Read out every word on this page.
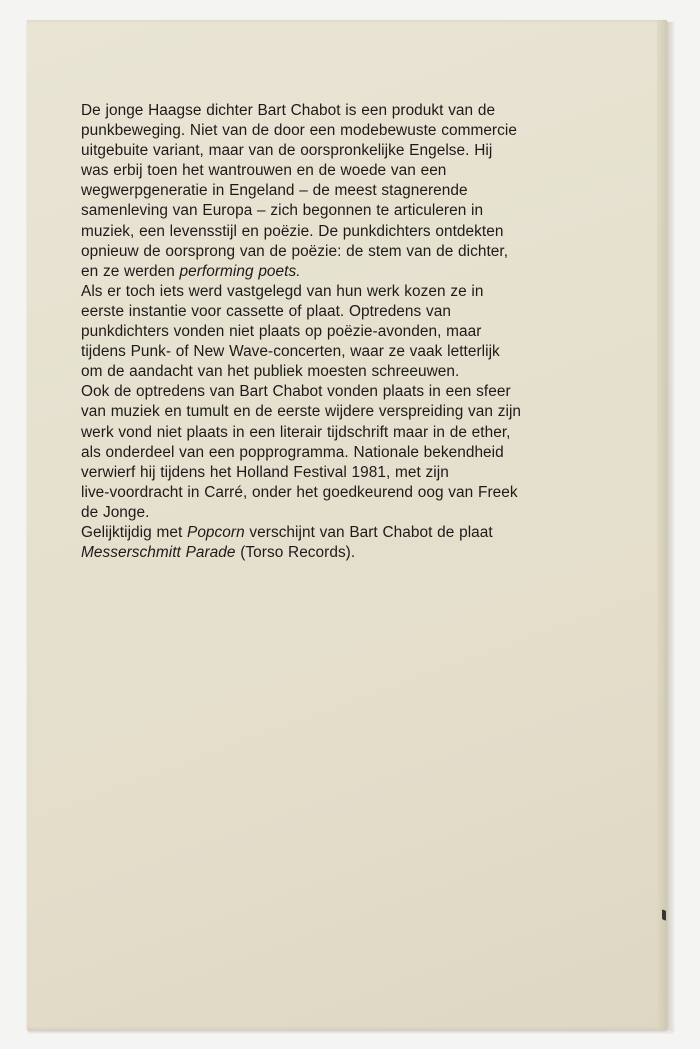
De jonge Haagse dichter Bart Chabot is een produkt van de
punkbeweging. Niet van de door een modebewuste commercie
uitgebuite variant, maar van de oorspronkelijke Engelse. Hij
was erbij toen het wantrouwen en de woede van een
wegwerpgeneratie in Engeland – de meest stagnerende
samenleving van Europa – zich begonnen te articuleren in
muziek, een levensstijl en poëzie. De punkdichters ontdekten
opnieuw de oorsprong van de poëzie: de stem van de dichter,
en ze werden performing poets.
Als er toch iets werd vastgelegd van hun werk kozen ze in
eerste instantie voor cassette of plaat. Optredens van
punkdichters vonden niet plaats op poëzie-avonden, maar
tijdens Punk- of New Wave-concerten, waar ze vaak letterlijk
om de aandacht van het publiek moesten schreeuwen.
Ook de optredens van Bart Chabot vonden plaats in een sfeer
van muziek en tumult en de eerste wijdere verspreiding van zijn
werk vond niet plaats in een literair tijdschrift maar in de ether,
als onderdeel van een popprogramma. Nationale bekendheid
verwierf hij tijdens het Holland Festival 1981, met zijn
live-voordracht in Carré, onder het goedkeurend oog van Freek
de Jonge.
Gelijktijdig met Popcorn verschijnt van Bart Chabot de plaat
Messerschmitt Parade (Torso Records).
